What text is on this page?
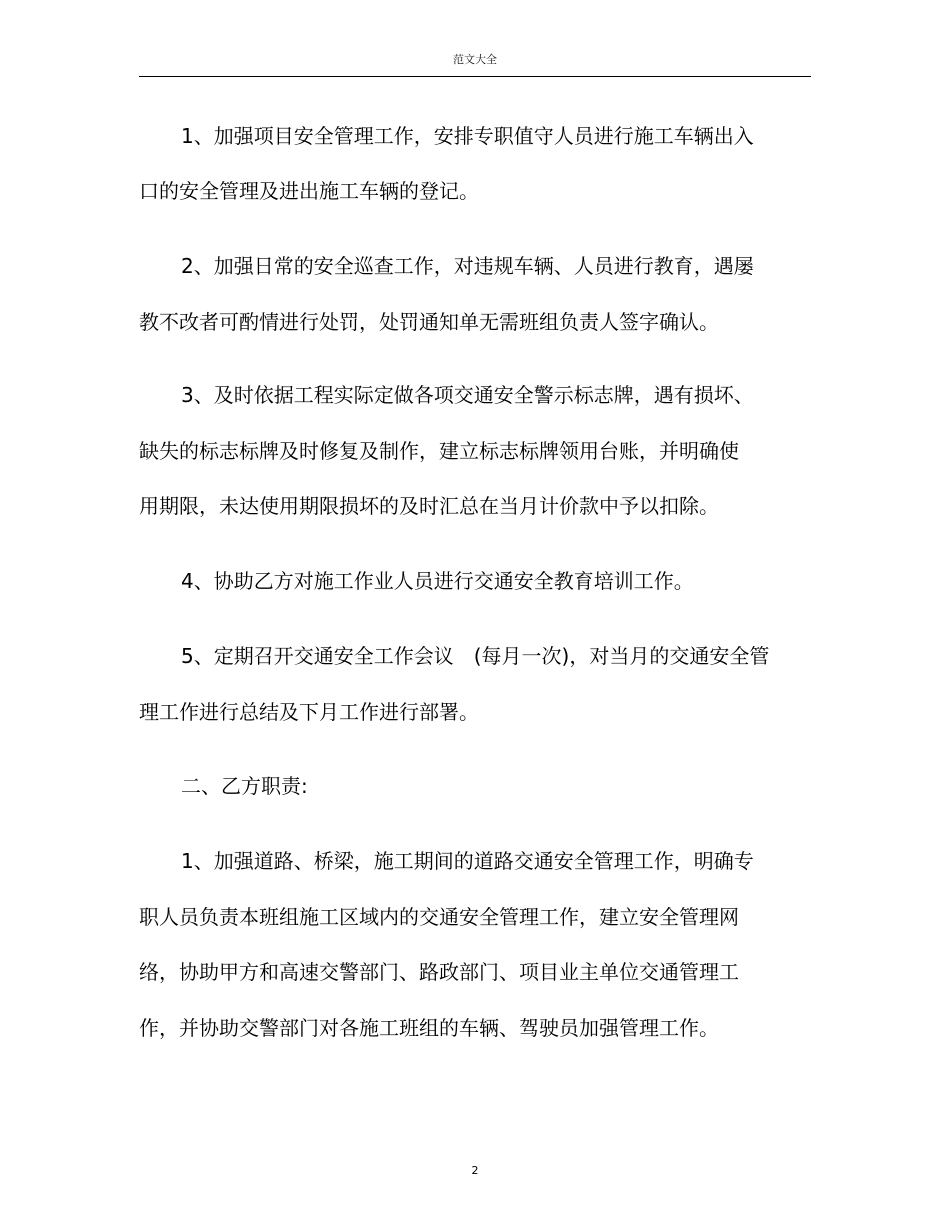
范文大全

1、加强项目安全管理工作，安排专职值守人员进行施工车辆出入

口的安全管理及进出施工车辆的登记。

2、加强日常的安全巡查工作，对违规车辆、人员进行教育，遇屡

教不改者可酌情进行处罚，处罚通知单无需班组负责人签字确认。

3、及时依据工程实际定做各项交通安全警示标志牌，遇有损坏、

缺失的标志标牌及时修复及制作，建立标志标牌领用台账，并明确使

用期限，未达使用期限损坏的及时汇总在当月计价款中予以扣除。

4、协助乙方对施工作业人员进行交通安全教育培训工作。

5、定期召开交通安全工作会议　(每月一次)，对当月的交通安全管

理工作进行总结及下月工作进行部署。

二、乙方职责:

1、加强道路、桥梁，施工期间的道路交通安全管理工作，明确专

职人员负责本班组施工区域内的交通安全管理工作，建立安全管理网

络，协助甲方和高速交警部门、路政部门、项目业主单位交通管理工

作，并协助交警部门对各施工班组的车辆、驾驶员加强管理工作。

2
